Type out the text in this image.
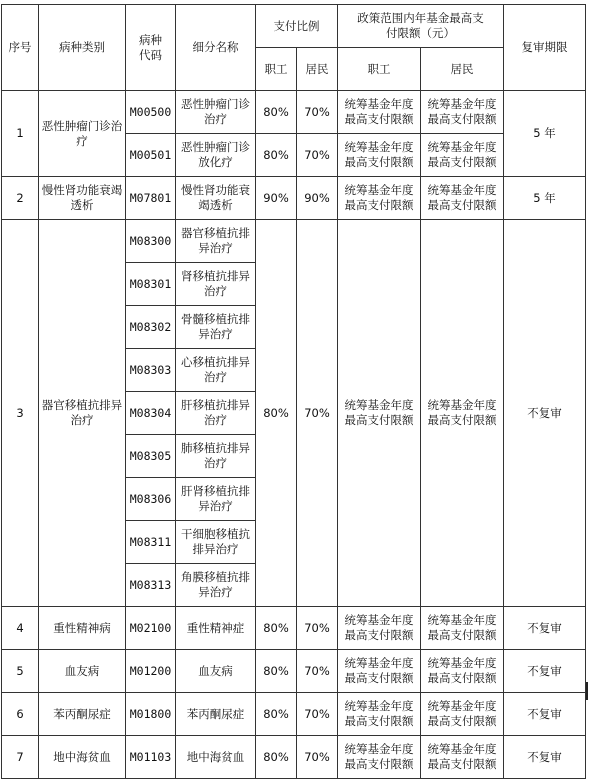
序号	病种类别	病种代码	细分名称	支付比例		政策范围内年基金最高支付限额（元）		复审期限
				职工	居民	职工	居民	
1	恶性肿瘤门诊治疗	M00500	恶性肿瘤门诊治疗	80%	70%	统筹基金年度最高支付限额	统筹基金年度最高支付限额	5 年
		M00501	恶性肿瘤门诊放化疗	80%	70%	统筹基金年度最高支付限额	统筹基金年度最高支付限额	
2	慢性肾功能衰竭透析	M07801	慢性肾功能衰竭透析	90%	90%	统筹基金年度最高支付限额	统筹基金年度最高支付限额	5 年
3	器官移植抗排异治疗	M08300	器官移植抗排异治疗	80%	70%	统筹基金年度最高支付限额	统筹基金年度最高支付限额	不复审
		M08301	肾移植抗排异治疗					
		M08302	骨髓移植抗排异治疗					
		M08303	心移植抗排异治疗					
		M08304	肝移植抗排异治疗					
		M08305	肺移植抗排异治疗					
		M08306	肝肾移植抗排异治疗					
		M08311	干细胞移植抗排异治疗					
		M08313	角膜移植抗排异治疗					
4	重性精神病	M02100	重性精神症	80%	70%	统筹基金年度最高支付限额	统筹基金年度最高支付限额	不复审
5	血友病	M01200	血友病	80%	70%	统筹基金年度最高支付限额	统筹基金年度最高支付限额	不复审
6	苯丙酮尿症	M01800	苯丙酮尿症	80%	70%	统筹基金年度最高支付限额	统筹基金年度最高支付限额	不复审
7	地中海贫血	M01103	地中海贫血	80%	70%	统筹基金年度最高支付限额	统筹基金年度最高支付限额	不复审
